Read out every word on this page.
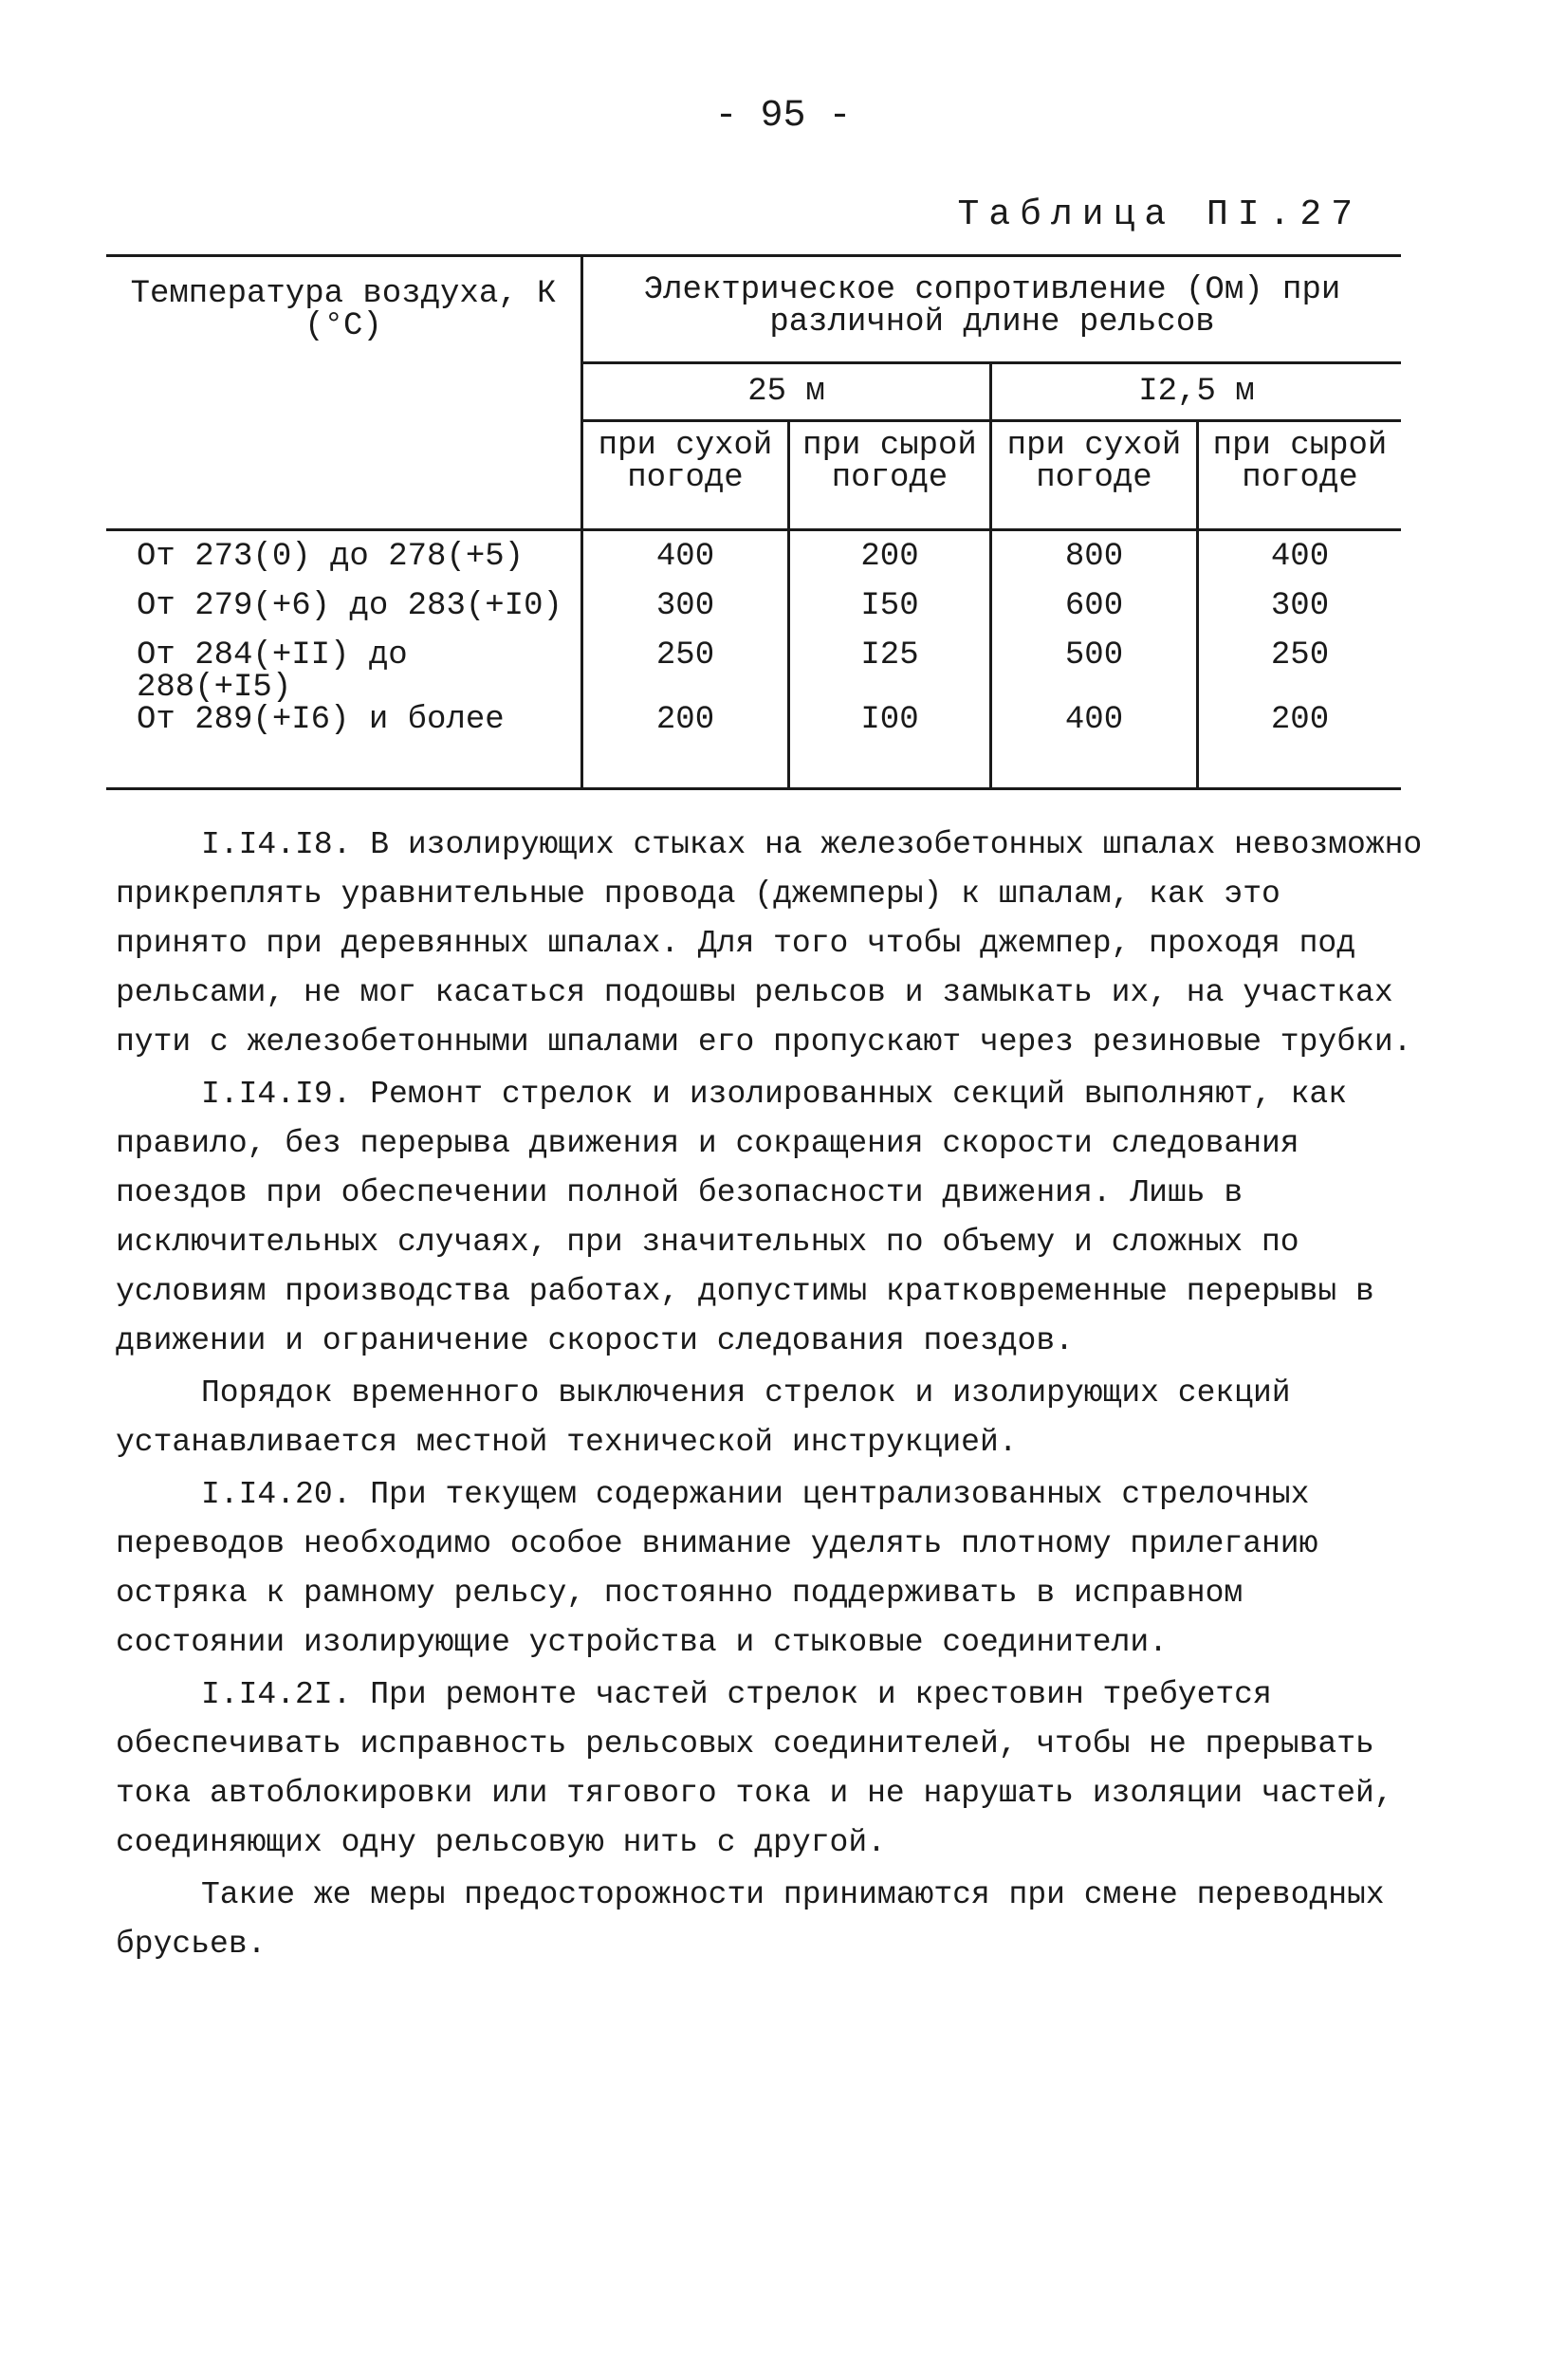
- 95 -
Таблица ПI.27
Температура воздуха, К (°С)	Электрическое сопротивление (Ом) при различной длине рельсов			
	25 м		I2,5 м	
	при сухой погоде	при сырой погоде	при сухой погоде	при сырой погоде
От 273(0) до 278(+5)	400	200	800	400
От 279(+6) до 283(+I0)	300	I50	600	300
От 284(+II) до 288(+I5)	250	I25	500	250
От 289(+I6) и более	200	I00	400	200

I.I4.I8. В изолирующих стыках на железобетонных шпалах невозможно прикреплять уравнительные провода (джемперы) к шпалам, как это принято при деревянных шпалах. Для того чтобы джемпер, проходя под рельсами, не мог касаться подошвы рельсов и замыкать их, на участках пути с железобетонными шпалами его пропускают через резиновые трубки.

I.I4.I9. Ремонт стрелок и изолированных секций выполняют, как правило, без перерыва движения и сокращения скорости следования поездов при обеспечении полной безопасности движения. Лишь в исключительных случаях, при значительных по объему и сложных по условиям производства работах, допустимы кратковременные перерывы в движении и ограничение скорости следования поездов.

Порядок временного выключения стрелок и изолирующих секций устанавливается местной технической инструкцией.

I.I4.20. При текущем содержании централизованных стрелочных переводов необходимо особое внимание уделять плотному прилеганию остряка к рамному рельсу, постоянно поддерживать в исправном состоянии изолирующие устройства и стыковые соединители.

I.I4.2I. При ремонте частей стрелок и крестовин требуется обеспечивать исправность рельсовых соединителей, чтобы не прерывать тока автоблокировки или тягового тока и не нарушать изоляции частей, соединяющих одну рельсовую нить с другой.

Такие же меры предосторожности принимаются при смене переводных брусьев.
